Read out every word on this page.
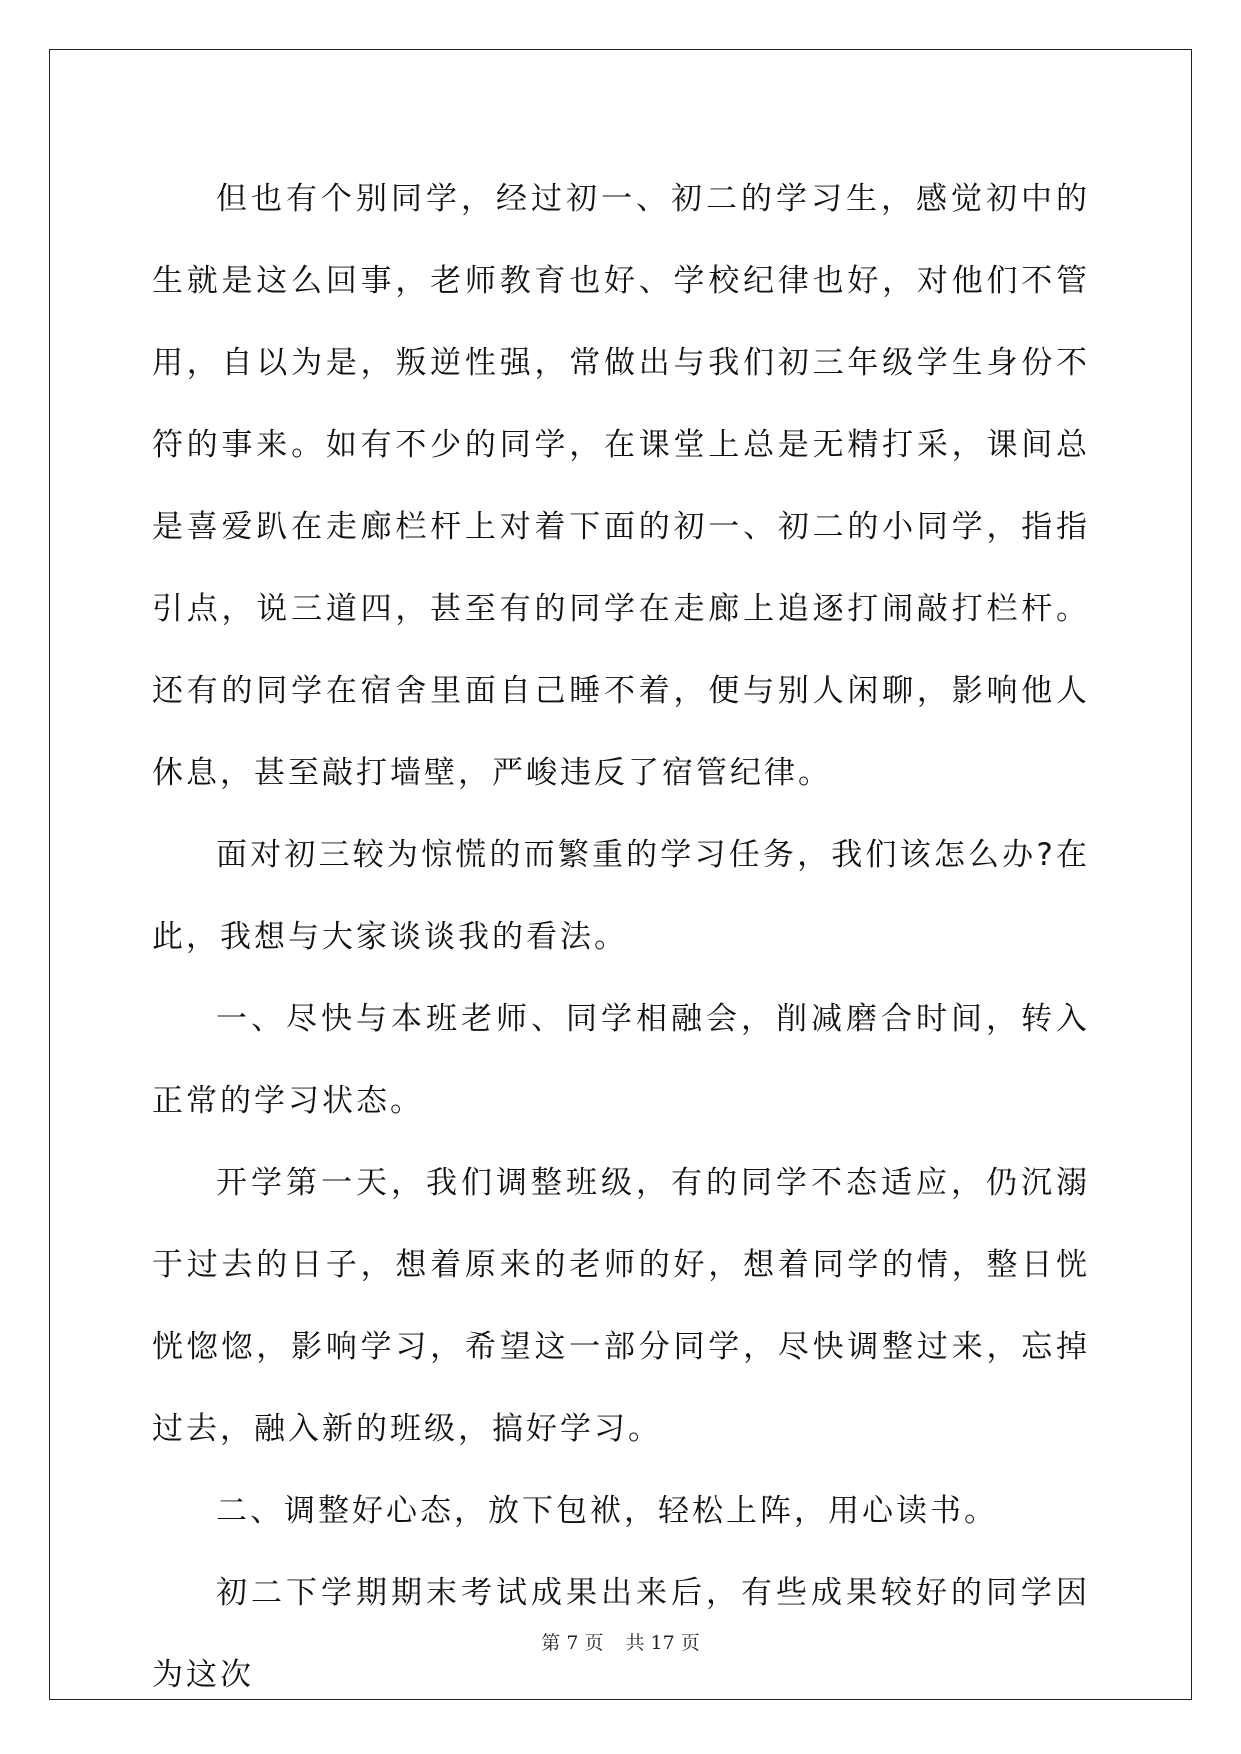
但也有个别同学，经过初一、初二的学习生，感觉初中的生就是这么回事，老师教育也好、学校纪律也好，对他们不管用，自以为是，叛逆性强，常做出与我们初三年级学生身份不符的事来。如有不少的同学，在课堂上总是无精打采，课间总是喜爱趴在走廊栏杆上对着下面的初一、初二的小同学，指指引点，说三道四，甚至有的同学在走廊上追逐打闹敲打栏杆。还有的同学在宿舍里面自己睡不着，便与别人闲聊，影响他人休息，甚至敲打墙壁，严峻违反了宿管纪律。

面对初三较为惊慌的而繁重的学习任务，我们该怎么办?在此，我想与大家谈谈我的看法。

一、尽快与本班老师、同学相融会，削减磨合时间，转入正常的学习状态。

开学第一天，我们调整班级，有的同学不态适应，仍沉溺于过去的日子，想着原来的老师的好，想着同学的情，整日恍恍惚惚，影响学习，希望这一部分同学，尽快调整过来，忘掉过去，融入新的班级，搞好学习。

二、调整好心态，放下包袱，轻松上阵，用心读书。

初二下学期期末考试成果出来后，有些成果较好的同学因为这次

第 7 页 共 17 页
